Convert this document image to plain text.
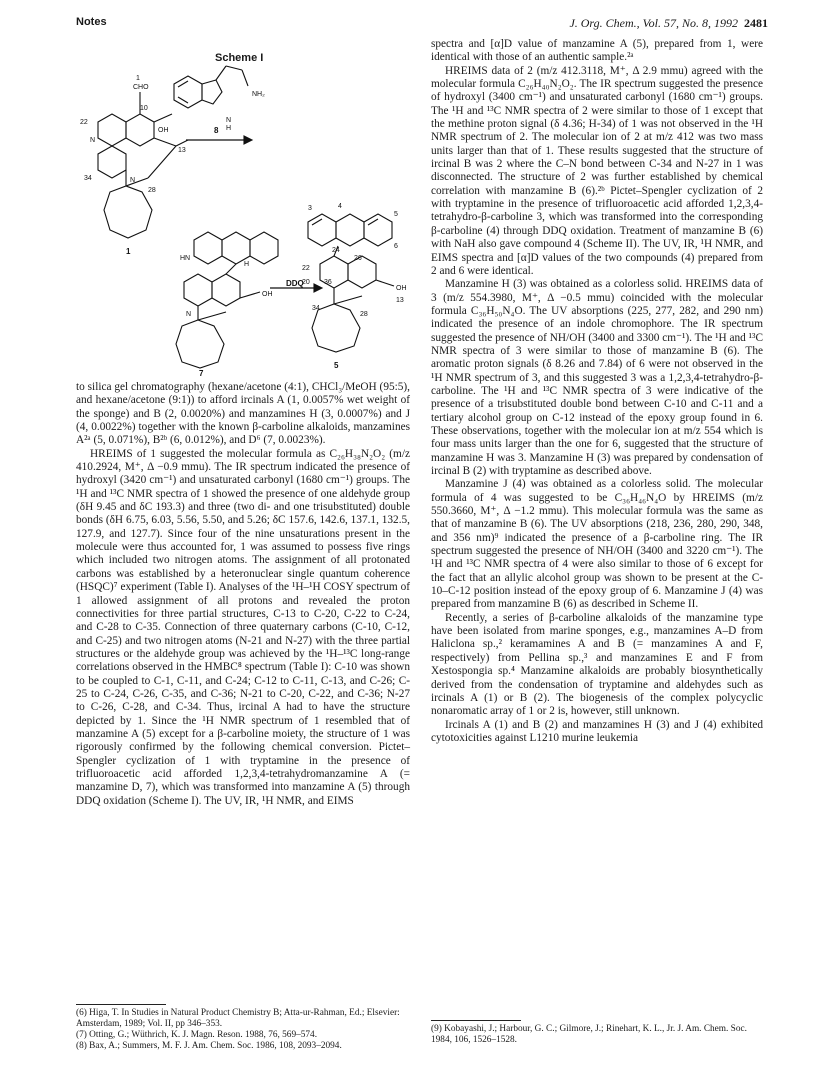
Notes	J. Org. Chem., Vol. 57, No. 8, 1992 2481
Scheme I
N
H
NH₂
CHO
1
10
22
N
OH
13
34	N
28
HN
H
OH
N
3	4
5
6
24
22
20 36
26
OH
13
34
28
DDQ
8
1
7
5

to silica gel chromatography (hexane/acetone (4:1), CHCl₃/MeOH (95:5), and hexane/acetone (9:1)) to afford ircinals A (1, 0.0057% wet weight of the sponge) and B (2, 0.0020%) and manzamines H (3, 0.0007%) and J (4, 0.0022%) together with the known β-carboline alkaloids, manzamines A²ᵃ (5, 0.071%), B²ᵇ (6, 0.012%), and D⁶ (7, 0.0023%).

HREIMS of 1 suggested the molecular formula as C₂₆H₃₈N₂O₂ (m/z 410.2924, M⁺, Δ −0.9 mmu). The IR spectrum indicated the presence of hydroxyl (3420 cm⁻¹) and unsaturated carbonyl (1680 cm⁻¹) groups. The ¹H and ¹³C NMR spectra of 1 showed the presence of one aldehyde group (δH 9.45 and δC 193.3) and three (two di- and one trisubstituted) double bonds (δH 6.75, 6.03, 5.56, 5.50, and 5.26; δC 157.6, 142.6, 137.1, 132.5, 127.9, and 127.7). Since four of the nine unsaturations present in the molecule were thus accounted for, 1 was assumed to possess five rings which included two nitrogen atoms. The assignment of all protonated carbons was established by a heteronuclear single quantum coherence (HSQC)⁷ experiment (Table I). Analyses of the ¹H–¹H COSY spectrum of 1 allowed assignment of all protons and revealed the proton connectivities for three partial structures, C-13 to C-20, C-22 to C-24, and C-28 to C-35. Connection of three quaternary carbons (C-10, C-12, and C-25) and two nitrogen atoms (N-21 and N-27) with the three partial structures or the aldehyde group was achieved by the ¹H–¹³C long-range correlations observed in the HMBC⁸ spectrum (Table I): C-10 was shown to be coupled to C-1, C-11, and C-24; C-12 to C-11, C-13, and C-26; C-25 to C-24, C-26, C-35, and C-36; N-21 to C-20, C-22, and C-36; N-27 to C-26, C-28, and C-34. Thus, ircinal A had to have the structure depicted by 1. Since the ¹H NMR spectrum of 1 resembled that of manzamine A (5) except for a β-carboline moiety, the structure of 1 was rigorously confirmed by the following chemical conversion. Pictet–Spengler cyclization of 1 with tryptamine in the presence of trifluoroacetic acid afforded 1,2,3,4-tetrahydromanzamine A (= manzamine D, 7), which was transformed into manzamine A (5) through DDQ oxidation (Scheme I). The UV, IR, ¹H NMR, and EIMS

(6) Higa, T. In Studies in Natural Product Chemistry B; Atta-ur-Rahman, Ed.; Elsevier: Amsterdam, 1989; Vol. II, pp 346–353.
(7) Otting, G.; Wüthrich, K. J. Magn. Reson. 1988, 76, 569–574.
(8) Bax, A.; Summers, M. F. J. Am. Chem. Soc. 1986, 108, 2093–2094.

spectra and [α]D value of manzamine A (5), prepared from 1, were identical with those of an authentic sample.²ᵃ

HREIMS data of 2 (m/z 412.3118, M⁺, Δ 2.9 mmu) agreed with the molecular formula C₂₆H₄₀N₂O₂. The IR spectrum suggested the presence of hydroxyl (3400 cm⁻¹) and unsaturated carbonyl (1680 cm⁻¹) groups. The ¹H and ¹³C NMR spectra of 2 were similar to those of 1 except that the methine proton signal (δ 4.36; H-34) of 1 was not observed in the ¹H NMR spectrum of 2. The molecular ion of 2 at m/z 412 was two mass units larger than that of 1. These results suggested that the structure of ircinal B was 2 where the C–N bond between C-34 and N-27 in 1 was disconnected. The structure of 2 was further established by chemical correlation with manzamine B (6).²ᵇ Pictet–Spengler cyclization of 2 with tryptamine in the presence of trifluoroacetic acid afforded 1,2,3,4-tetrahydro-β-carboline 3, which was transformed into the corresponding β-carboline (4) through DDQ oxidation. Treatment of manzamine B (6) with NaH also gave compound 4 (Scheme II). The UV, IR, ¹H NMR, and EIMS spectra and [α]D values of the two compounds (4) prepared from 2 and 6 were identical.

Manzamine H (3) was obtained as a colorless solid. HREIMS data of 3 (m/z 554.3980, M⁺, Δ −0.5 mmu) coincided with the molecular formula C₃₆H₅₀N₄O. The UV absorptions (225, 277, 282, and 290 nm) indicated the presence of an indole chromophore. The IR spectrum suggested the presence of NH/OH (3400 and 3300 cm⁻¹). The ¹H and ¹³C NMR spectra of 3 were similar to those of manzamine B (6). The aromatic proton signals (δ 8.26 and 7.84) of 6 were not observed in the ¹H NMR spectrum of 3, and this suggested 3 was a 1,2,3,4-tetrahydro-β-carboline. The ¹H and ¹³C NMR spectra of 3 were indicative of the presence of a trisubstituted double bond between C-10 and C-11 and a tertiary alcohol group on C-12 instead of the epoxy group found in 6. These observations, together with the molecular ion at m/z 554 which is four mass units larger than the one for 6, suggested that the structure of manzamine H was 3. Manzamine H (3) was prepared by condensation of ircinal B (2) with tryptamine as described above.

Manzamine J (4) was obtained as a colorless solid. The molecular formula of 4 was suggested to be C₃₆H₄₆N₄O by HREIMS (m/z 550.3660, M⁺, Δ −1.2 mmu). This molecular formula was the same as that of manzamine B (6). The UV absorptions (218, 236, 280, 290, 348, and 356 nm)⁹ indicated the presence of a β-carboline ring. The IR spectrum suggested the presence of NH/OH (3400 and 3220 cm⁻¹). The ¹H and ¹³C NMR spectra of 4 were also similar to those of 6 except for the fact that an allylic alcohol group was shown to be present at the C-10–C-12 position instead of the epoxy group of 6. Manzamine J (4) was prepared from manzamine B (6) as described in Scheme II.

Recently, a series of β-carboline alkaloids of the manzamine type have been isolated from marine sponges, e.g., manzamines A–D from Haliclona sp.,² keramamines A and B (= manzamines A and F, respectively) from Pellina sp.,³ and manzamines E and F from Xestospongia sp.⁴ Manzamine alkaloids are probably biosynthetically derived from the condensation of tryptamine and aldehydes such as ircinals A (1) or B (2). The biogenesis of the complex polycyclic nonaromatic array of 1 or 2 is, however, still unknown.

Ircinals A (1) and B (2) and manzamines H (3) and J (4) exhibited cytotoxicities against L1210 murine leukemia

(9) Kobayashi, J.; Harbour, G. C.; Gilmore, J.; Rinehart, K. L., Jr. J. Am. Chem. Soc. 1984, 106, 1526–1528.
